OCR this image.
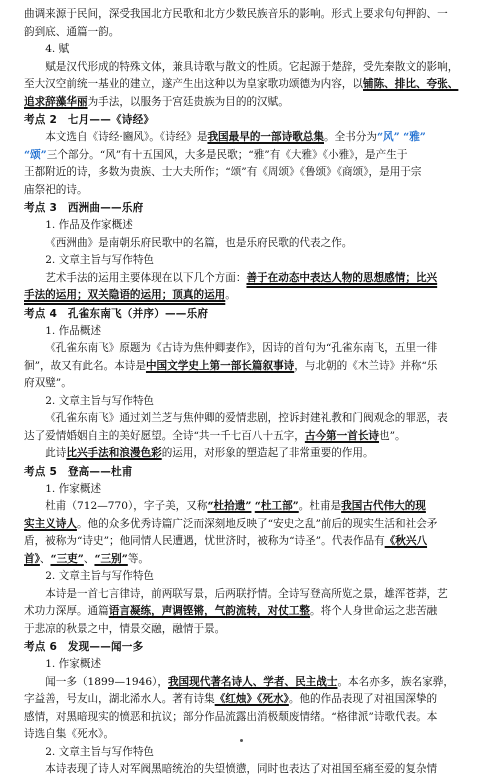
曲调来源于民间，深受我国北方民歌和北方少数民族音乐的影响。形式上要求句句押韵、一

韵到底、通篇一韵。

4. 赋

赋是汉代形成的特殊文体，兼具诗歌与散文的性质。它起源于楚辞，受先秦散文的影响，

至大汉空前统一基业的建立，遂产生出这种以为皇家歌功颂德为内容，以铺陈、排比、夸张、

追求辞藻华丽为手法，以服务于宫廷贵族为目的的汉赋。

考点 2　七月——《诗经》

本文选自《诗经·豳风》。《诗经》是我国最早的一部诗歌总集。全书分为“风” “雅”

“颂”三个部分。“风”有十五国风，大多是民歌；“雅”有《大雅》《小雅》，是产生于

王都附近的诗，多数为贵族、士大夫所作；“颂”有《周颂》《鲁颂》《商颂》，是用于宗

庙祭祀的诗。

考点 3　西洲曲——乐府

1. 作品及作家概述

《西洲曲》是南朝乐府民歌中的名篇，也是乐府民歌的代表之作。

2. 文章主旨与写作特色

艺术手法的运用主要体现在以下几个方面：善于在动态中表达人物的思想感情；比兴

手法的运用；双关隐语的运用；顶真的运用。

考点 4　孔雀东南飞（并序）——乐府

1. 作品概述

《孔雀东南飞》原题为《古诗为焦仲卿妻作》，因诗的首句为“孔雀东南飞，五里一徘

徊”，故又有此名。本诗是中国文学史上第一部长篇叙事诗，与北朝的《木兰诗》并称“乐

府双璧”。

2. 文章主旨与写作特色

《孔雀东南飞》通过刘兰芝与焦仲卿的爱情悲剧，控诉封建礼教和门阀观念的罪恶，表

达了爱情婚姻自主的美好愿望。全诗“共一千七百八十五字，古今第一首长诗也”。

此诗比兴手法和浪漫色彩的运用，对形象的塑造起了非常重要的作用。

考点 5　登高——杜甫

1. 作家概述

杜甫（712—770），字子美，又称“杜拾遗” “杜工部”。杜甫是我国古代伟大的现

实主义诗人。他的众多优秀诗篇广泛而深刻地反映了“安史之乱”前后的现实生活和社会矛

盾，被称为“诗史”；他同情人民遭遇，忧世济时，被称为“诗圣”。代表作品有《秋兴八

首》、“三吏”、“三别”等。

2. 文章主旨与写作特色

本诗是一首七言律诗，前两联写景，后两联抒情。全诗写登高所览之景，雄浑苍莽，艺

术功力深厚。通篇语言凝练，声调铿锵，气韵流转，对仗工整。将个人身世命运之悲苦融

于悲凉的秋景之中，情景交融，融情于景。

考点 6　发现——闻一多

1. 作家概述

闻一多（1899—1946），我国现代著名诗人、学者、民主战士。本名亦多，族名家骅，

字益善，号友山，湖北浠水人。著有诗集《红烛》《死水》。他的作品表现了对祖国深挚的

感情，对黑暗现实的愤恶和抗议；部分作品流露出消极颓废情绪。“格律派”诗歌代表。本

诗选自集《死水》。

2. 文章主旨与写作特色

本诗表现了诗人对军阀黑暗统治的失望愤懑，同时也表达了对祖国至痛至爱的复杂情
